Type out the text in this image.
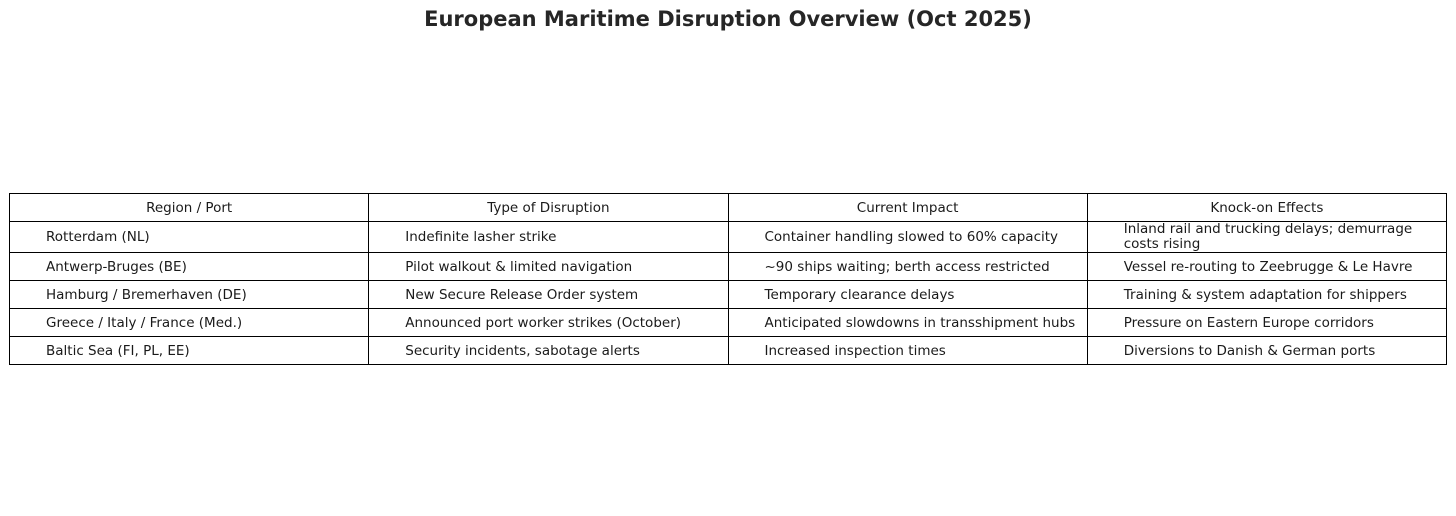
European Maritime Disruption Overview (Oct 2025)
Region / Port	Type of Disruption	Current Impact	Knock-on Effects
Rotterdam (NL)	Indefinite lasher strike	Container handling slowed to 60% capacity	Inland rail and trucking delays; demurrage costs rising

Antwerp-Bruges (BE)	Pilot walkout & limited navigation	~90 ships waiting; berth access restricted	Vessel re-routing to Zeebrugge & Le Havre
Hamburg / Bremerhaven (DE)	New Secure Release Order system	Temporary clearance delays	Training & system adaptation for shippers
Greece / Italy / France (Med.)	Announced port worker strikes (October)	Anticipated slowdowns in transshipment hubs	Pressure on Eastern Europe corridors
Baltic Sea (FI, PL, EE)	Security incidents, sabotage alerts	Increased inspection times	Diversions to Danish & German ports
